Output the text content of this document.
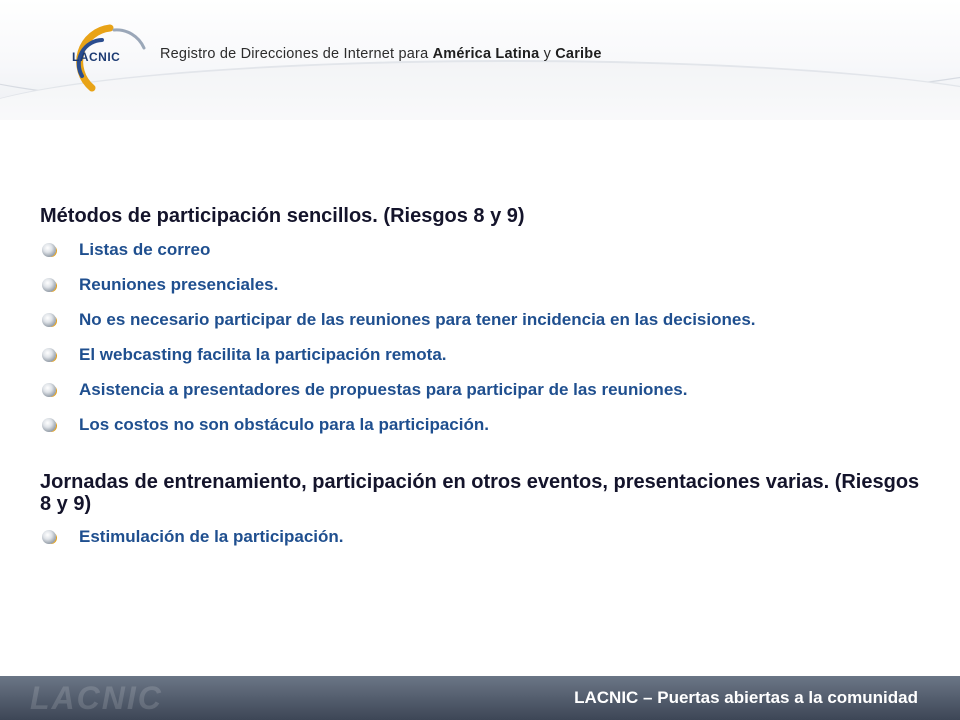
LACNIC	Registro de Direcciones de Internet para América Latina y Caribe
Métodos de participación sencillos. (Riesgos 8 y 9)
Listas de correo
Reuniones presenciales.
No es necesario participar de las reuniones para tener incidencia en las decisiones.
El webcasting facilita la participación remota.
Asistencia a presentadores de propuestas para participar de las reuniones.
Los costos no son obstáculo para la participación.
Jornadas de entrenamiento, participación en otros eventos, presentaciones varias. (Riesgos 8 y 9)
Estimulación de la participación.
LACNIC	LACNIC – Puertas abiertas a la comunidad
